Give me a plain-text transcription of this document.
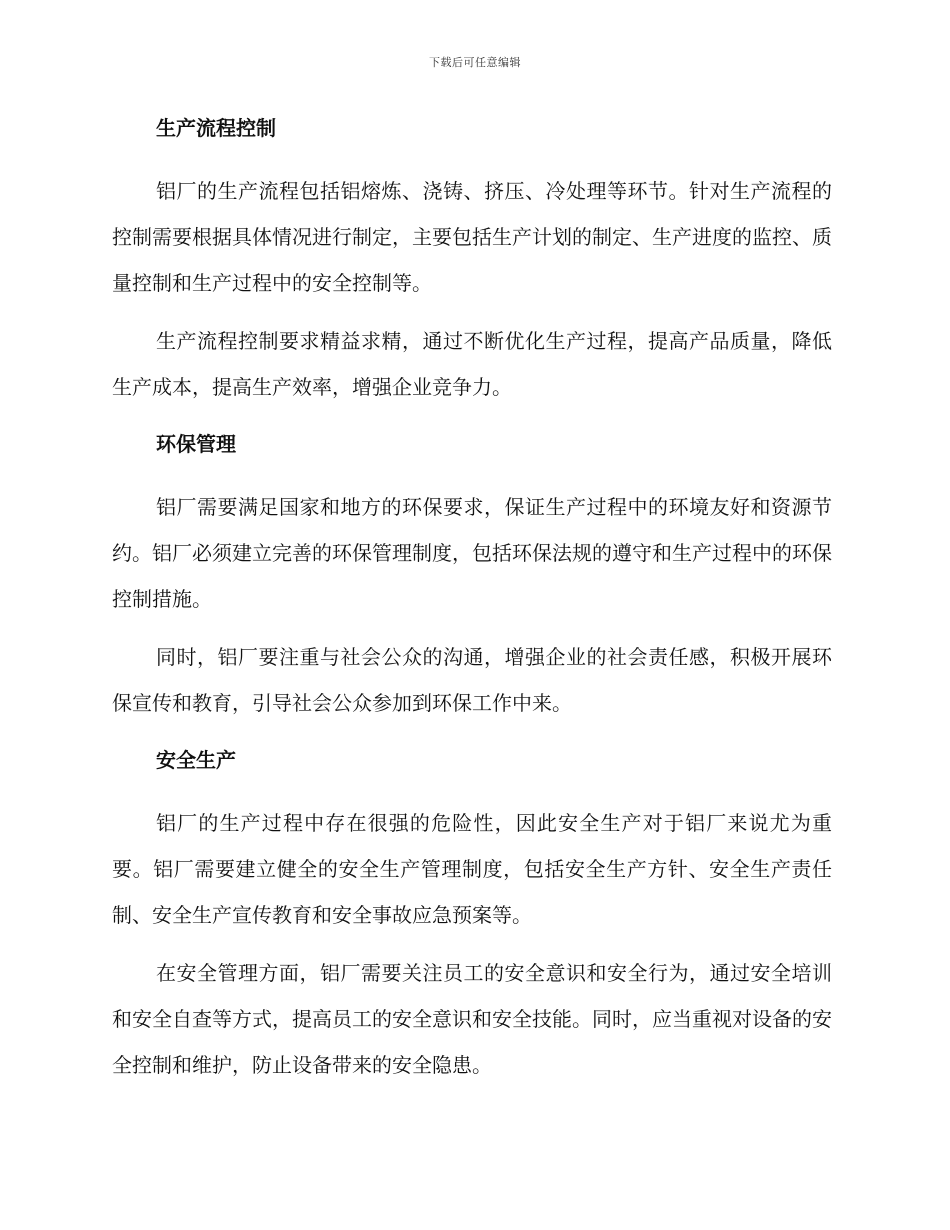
下载后可任意编辑
生产流程控制

铝厂的生产流程包括铝熔炼、浇铸、挤压、冷处理等环节。针对生产流程的控制需要根据具体情况进行制定，主要包括生产计划的制定、生产进度的监控、质量控制和生产过程中的安全控制等。

生产流程控制要求精益求精，通过不断优化生产过程，提高产品质量，降低生产成本，提高生产效率，增强企业竞争力。

环保管理

铝厂需要满足国家和地方的环保要求，保证生产过程中的环境友好和资源节约。铝厂必须建立完善的环保管理制度，包括环保法规的遵守和生产过程中的环保控制措施。

同时，铝厂要注重与社会公众的沟通，增强企业的社会责任感，积极开展环保宣传和教育，引导社会公众参加到环保工作中来。

安全生产

铝厂的生产过程中存在很强的危险性，因此安全生产对于铝厂来说尤为重要。铝厂需要建立健全的安全生产管理制度，包括安全生产方针、安全生产责任制、安全生产宣传教育和安全事故应急预案等。

在安全管理方面，铝厂需要关注员工的安全意识和安全行为，通过安全培训和安全自查等方式，提高员工的安全意识和安全技能。同时，应当重视对设备的安全控制和维护，防止设备带来的安全隐患。
